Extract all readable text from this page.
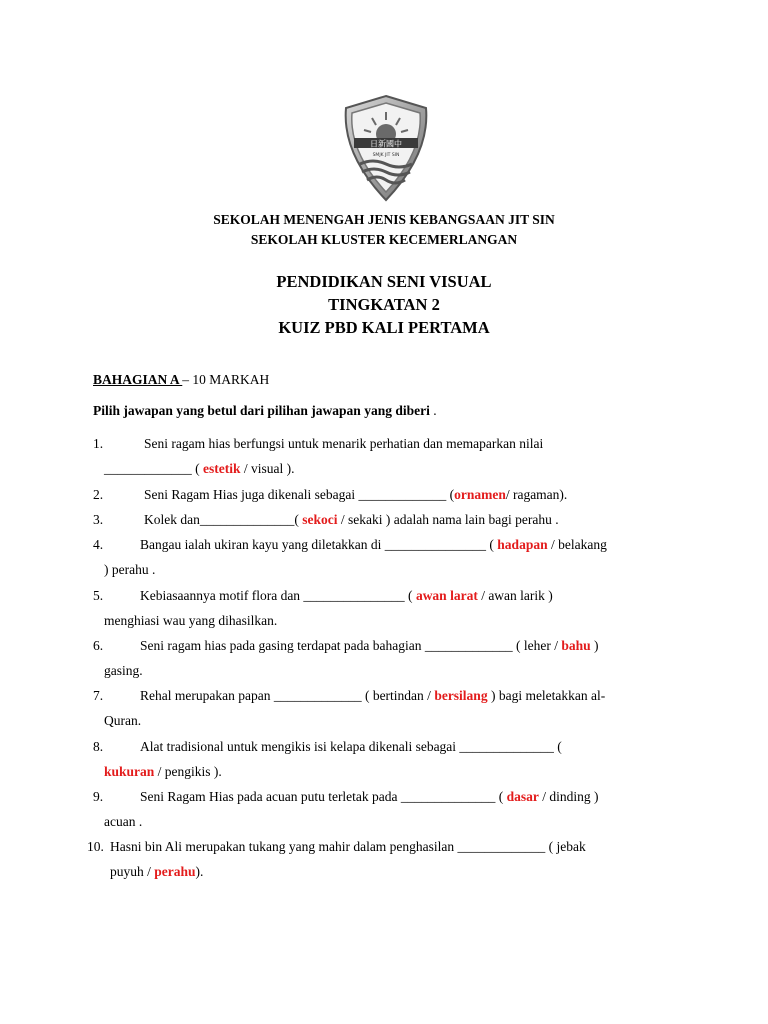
日新國中
SMJK JIT SIN
SEKOLAH MENENGAH JENIS KEBANGSAAN JIT SIN
SEKOLAH KLUSTER KECEMERLANGAN
PENDIDIKAN SENI VISUAL
TINGKATAN 2
KUIZ PBD KALI PERTAMA
BAHAGIAN A – 10 MARKAH
Pilih jawapan yang betul dari pilihan jawapan yang diberi .
1.	Seni ragam hias berfungsi untuk menarik perhatian dan memaparkan nilai
_____________ ( estetik / visual ).
2.	Seni Ragam Hias juga dikenali sebagai _____________ (ornamen/ ragaman).
3.	Kolek dan______________( sekoci / sekaki ) adalah nama lain bagi perahu .
4.	Bangau ialah ukiran kayu yang diletakkan di _______________ ( hadapan / belakang
) perahu .
5.	Kebiasaannya motif flora dan _______________ ( awan larat / awan larik )
menghiasi wau yang dihasilkan.
6.	Seni ragam hias pada gasing terdapat pada bahagian _____________ ( leher / bahu )
gasing.
7.	Rehal merupakan papan _____________ ( bertindan / bersilang ) bagi meletakkan al-
Quran.
8.	Alat tradisional untuk mengikis isi kelapa dikenali sebagai ______________ (
kukuran / pengikis ).
9.	Seni Ragam Hias pada acuan putu terletak pada ______________ ( dasar / dinding )
acuan .
10. Hasni bin Ali merupakan tukang yang mahir dalam penghasilan _____________ ( jebak
puyuh / perahu).
